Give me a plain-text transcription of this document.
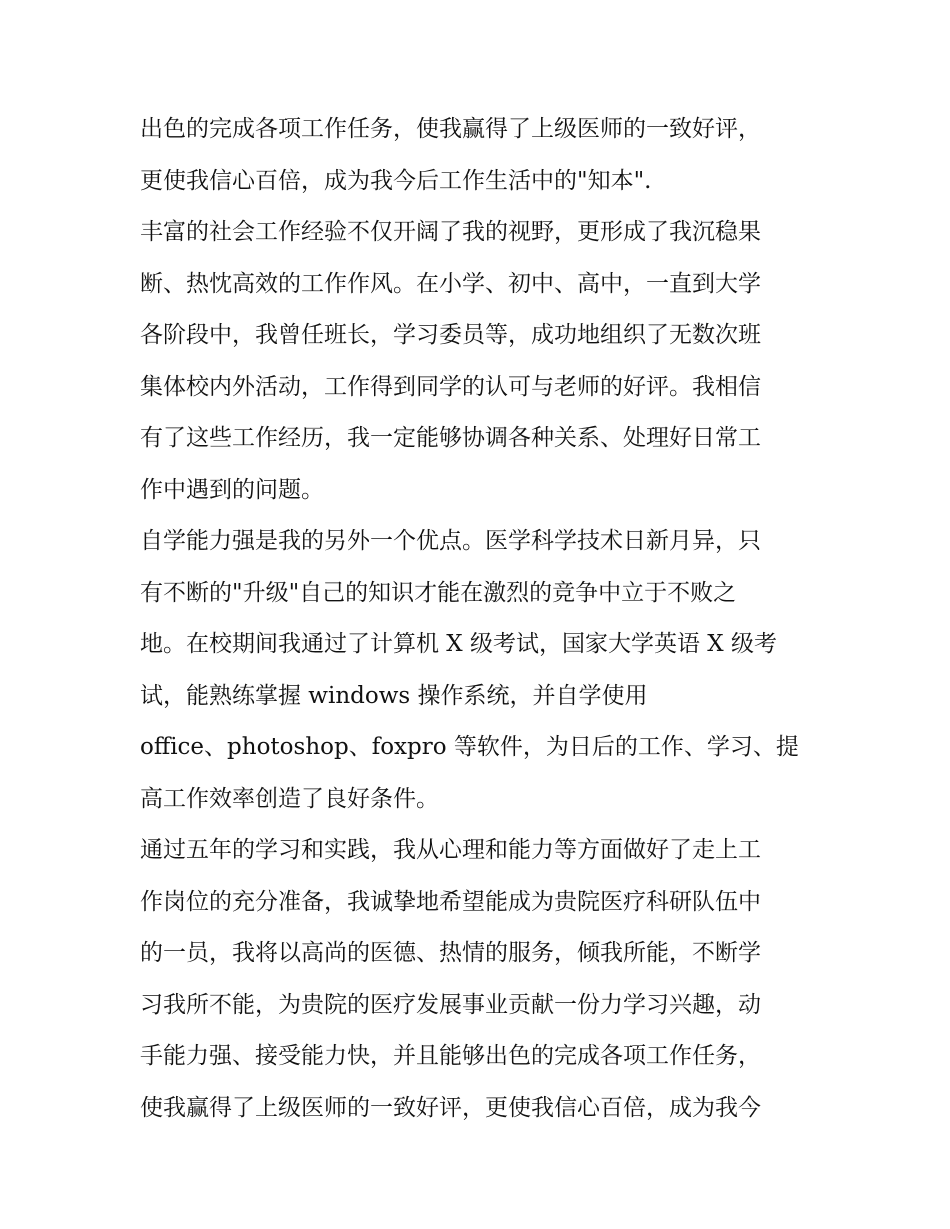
出色的完成各项工作任务，使我赢得了上级医师的一致好评，
更使我信心百倍，成为我今后工作生活中的"知本".
丰富的社会工作经验不仅开阔了我的视野，更形成了我沉稳果
断、热忱高效的工作作风。在小学、初中、高中，一直到大学
各阶段中，我曾任班长，学习委员等，成功地组织了无数次班
集体校内外活动，工作得到同学的认可与老师的好评。我相信
有了这些工作经历，我一定能够协调各种关系、处理好日常工
作中遇到的问题。
自学能力强是我的另外一个优点。医学科学技术日新月异，只
有不断的"升级"自己的知识才能在激烈的竞争中立于不败之
地。在校期间我通过了计算机 X 级考试，国家大学英语 X 级考
试，能熟练掌握 windows 操作系统，并自学使用
office、photoshop、foxpro 等软件，为日后的工作、学习、提
高工作效率创造了良好条件。
通过五年的学习和实践，我从心理和能力等方面做好了走上工
作岗位的充分准备，我诚挚地希望能成为贵院医疗科研队伍中
的一员，我将以高尚的医德、热情的服务，倾我所能，不断学
习我所不能，为贵院的医疗发展事业贡献一份力学习兴趣，动
手能力强、接受能力快，并且能够出色的完成各项工作任务，
使我赢得了上级医师的一致好评，更使我信心百倍，成为我今
